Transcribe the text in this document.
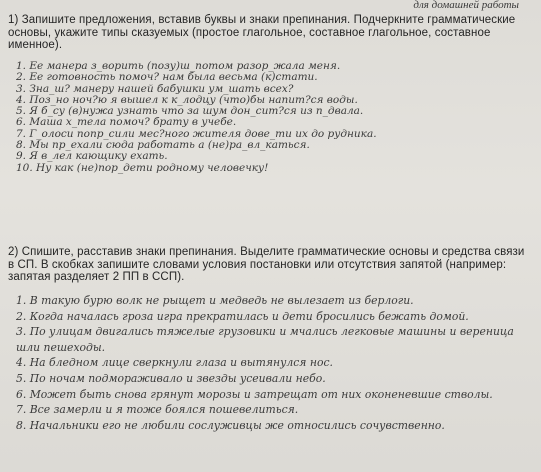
для домашней работы
1) Запишите предложения, вставив буквы и знаки препинания. Подчеркните грамматические основы, укажите типы сказуемых (простое глагольное, составное глагольное, составное именное).
1. Ее манера з_ворить (позу)ш_потом разор_жала меня.
2. Ее готовность помоч? нам была весьма (к)стати.
3. Зна_ш? манеру нашей бабушки ум_шать всех?
4. Поз_но ноч?ю я вышел к к_лодцу (что)бы напит?ся воды.
5. Я б_су (в)нужа узнать что за шум дон_сит?ся из п_двала.
6. Маша х_тела помоч? брату в учебе.
7. Г_олоси попр_сили мес?ного жителя дове_ти их до рудника.
8. Мы пр_ехали сюда работать а (не)ра_вл_каться.
9. Я в_лел кающику ехать.
10. Ну как (не)пор_дети родному человечку!
2) Спишите, расставив знаки препинания. Выделите грамматические основы и средства связи в СП. В скобках запишите словами условия постановки или отсутствия запятой (например: запятая разделяет 2 ПП в ССП).
1. В такую бурю волк не рыщет и медведь не вылезает из берлоги.
2. Когда началась гроза игра прекратилась и дети бросились бежать домой.
3. По улицам двигались тяжелые грузовики и мчались легковые машины и вереница шли пешеходы.
4. На бледном лице сверкнули глаза и вытянулся нос.
5. По ночам подмораживало и звезды усеивали небо.
6. Может быть снова грянут морозы и затрещат от них оконеневшие стволы.
7. Все замерли и я тоже боялся пошевелиться.
8. Начальники его не любили сослуживцы же относились сочувственно.
